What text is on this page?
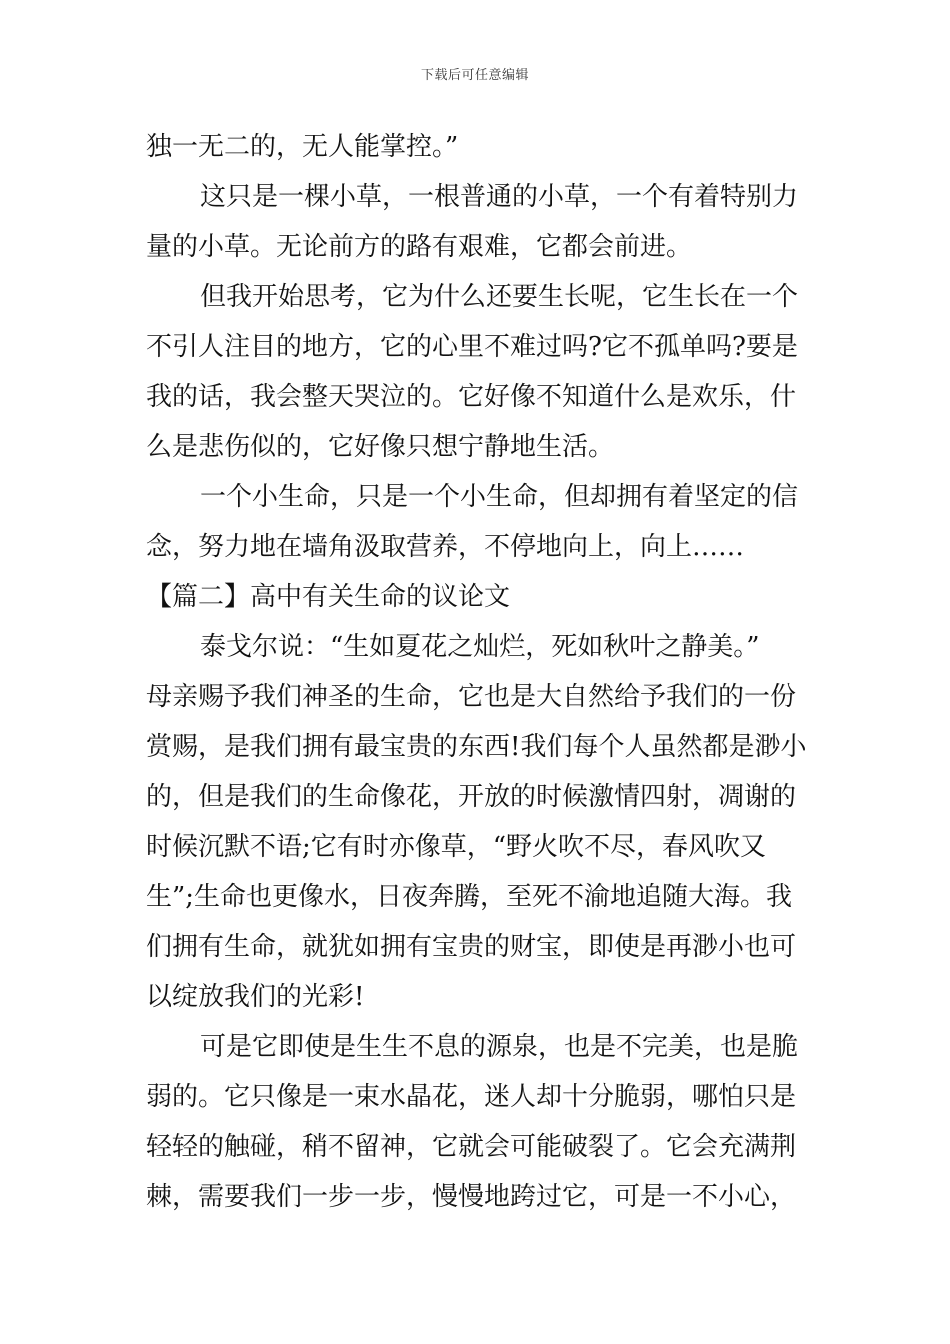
下载后可任意编辑
独一无二的，无人能掌控。”
这只是一棵小草，一根普通的小草，一个有着特别力
量的小草。无论前方的路有艰难，它都会前进。
但我开始思考，它为什么还要生长呢，它生长在一个
不引人注目的地方，它的心里不难过吗?它不孤单吗?要是
我的话，我会整天哭泣的。它好像不知道什么是欢乐，什
么是悲伤似的，它好像只想宁静地生活。
一个小生命，只是一个小生命，但却拥有着坚定的信
念，努力地在墙角汲取营养，不停地向上，向上……
【篇二】高中有关生命的议论文
泰戈尔说：“生如夏花之灿烂，死如秋叶之静美。”
母亲赐予我们神圣的生命，它也是大自然给予我们的一份
赏赐，是我们拥有最宝贵的东西!我们每个人虽然都是渺小
的，但是我们的生命像花，开放的时候激情四射，凋谢的
时候沉默不语;它有时亦像草，“野火吹不尽，春风吹又
生”;生命也更像水，日夜奔腾，至死不渝地追随大海。我
们拥有生命，就犹如拥有宝贵的财宝，即使是再渺小也可
以绽放我们的光彩!
可是它即使是生生不息的源泉，也是不完美，也是脆
弱的。它只像是一束水晶花，迷人却十分脆弱，哪怕只是
轻轻的触碰，稍不留神，它就会可能破裂了。它会充满荆
棘，需要我们一步一步，慢慢地跨过它，可是一不小心，
